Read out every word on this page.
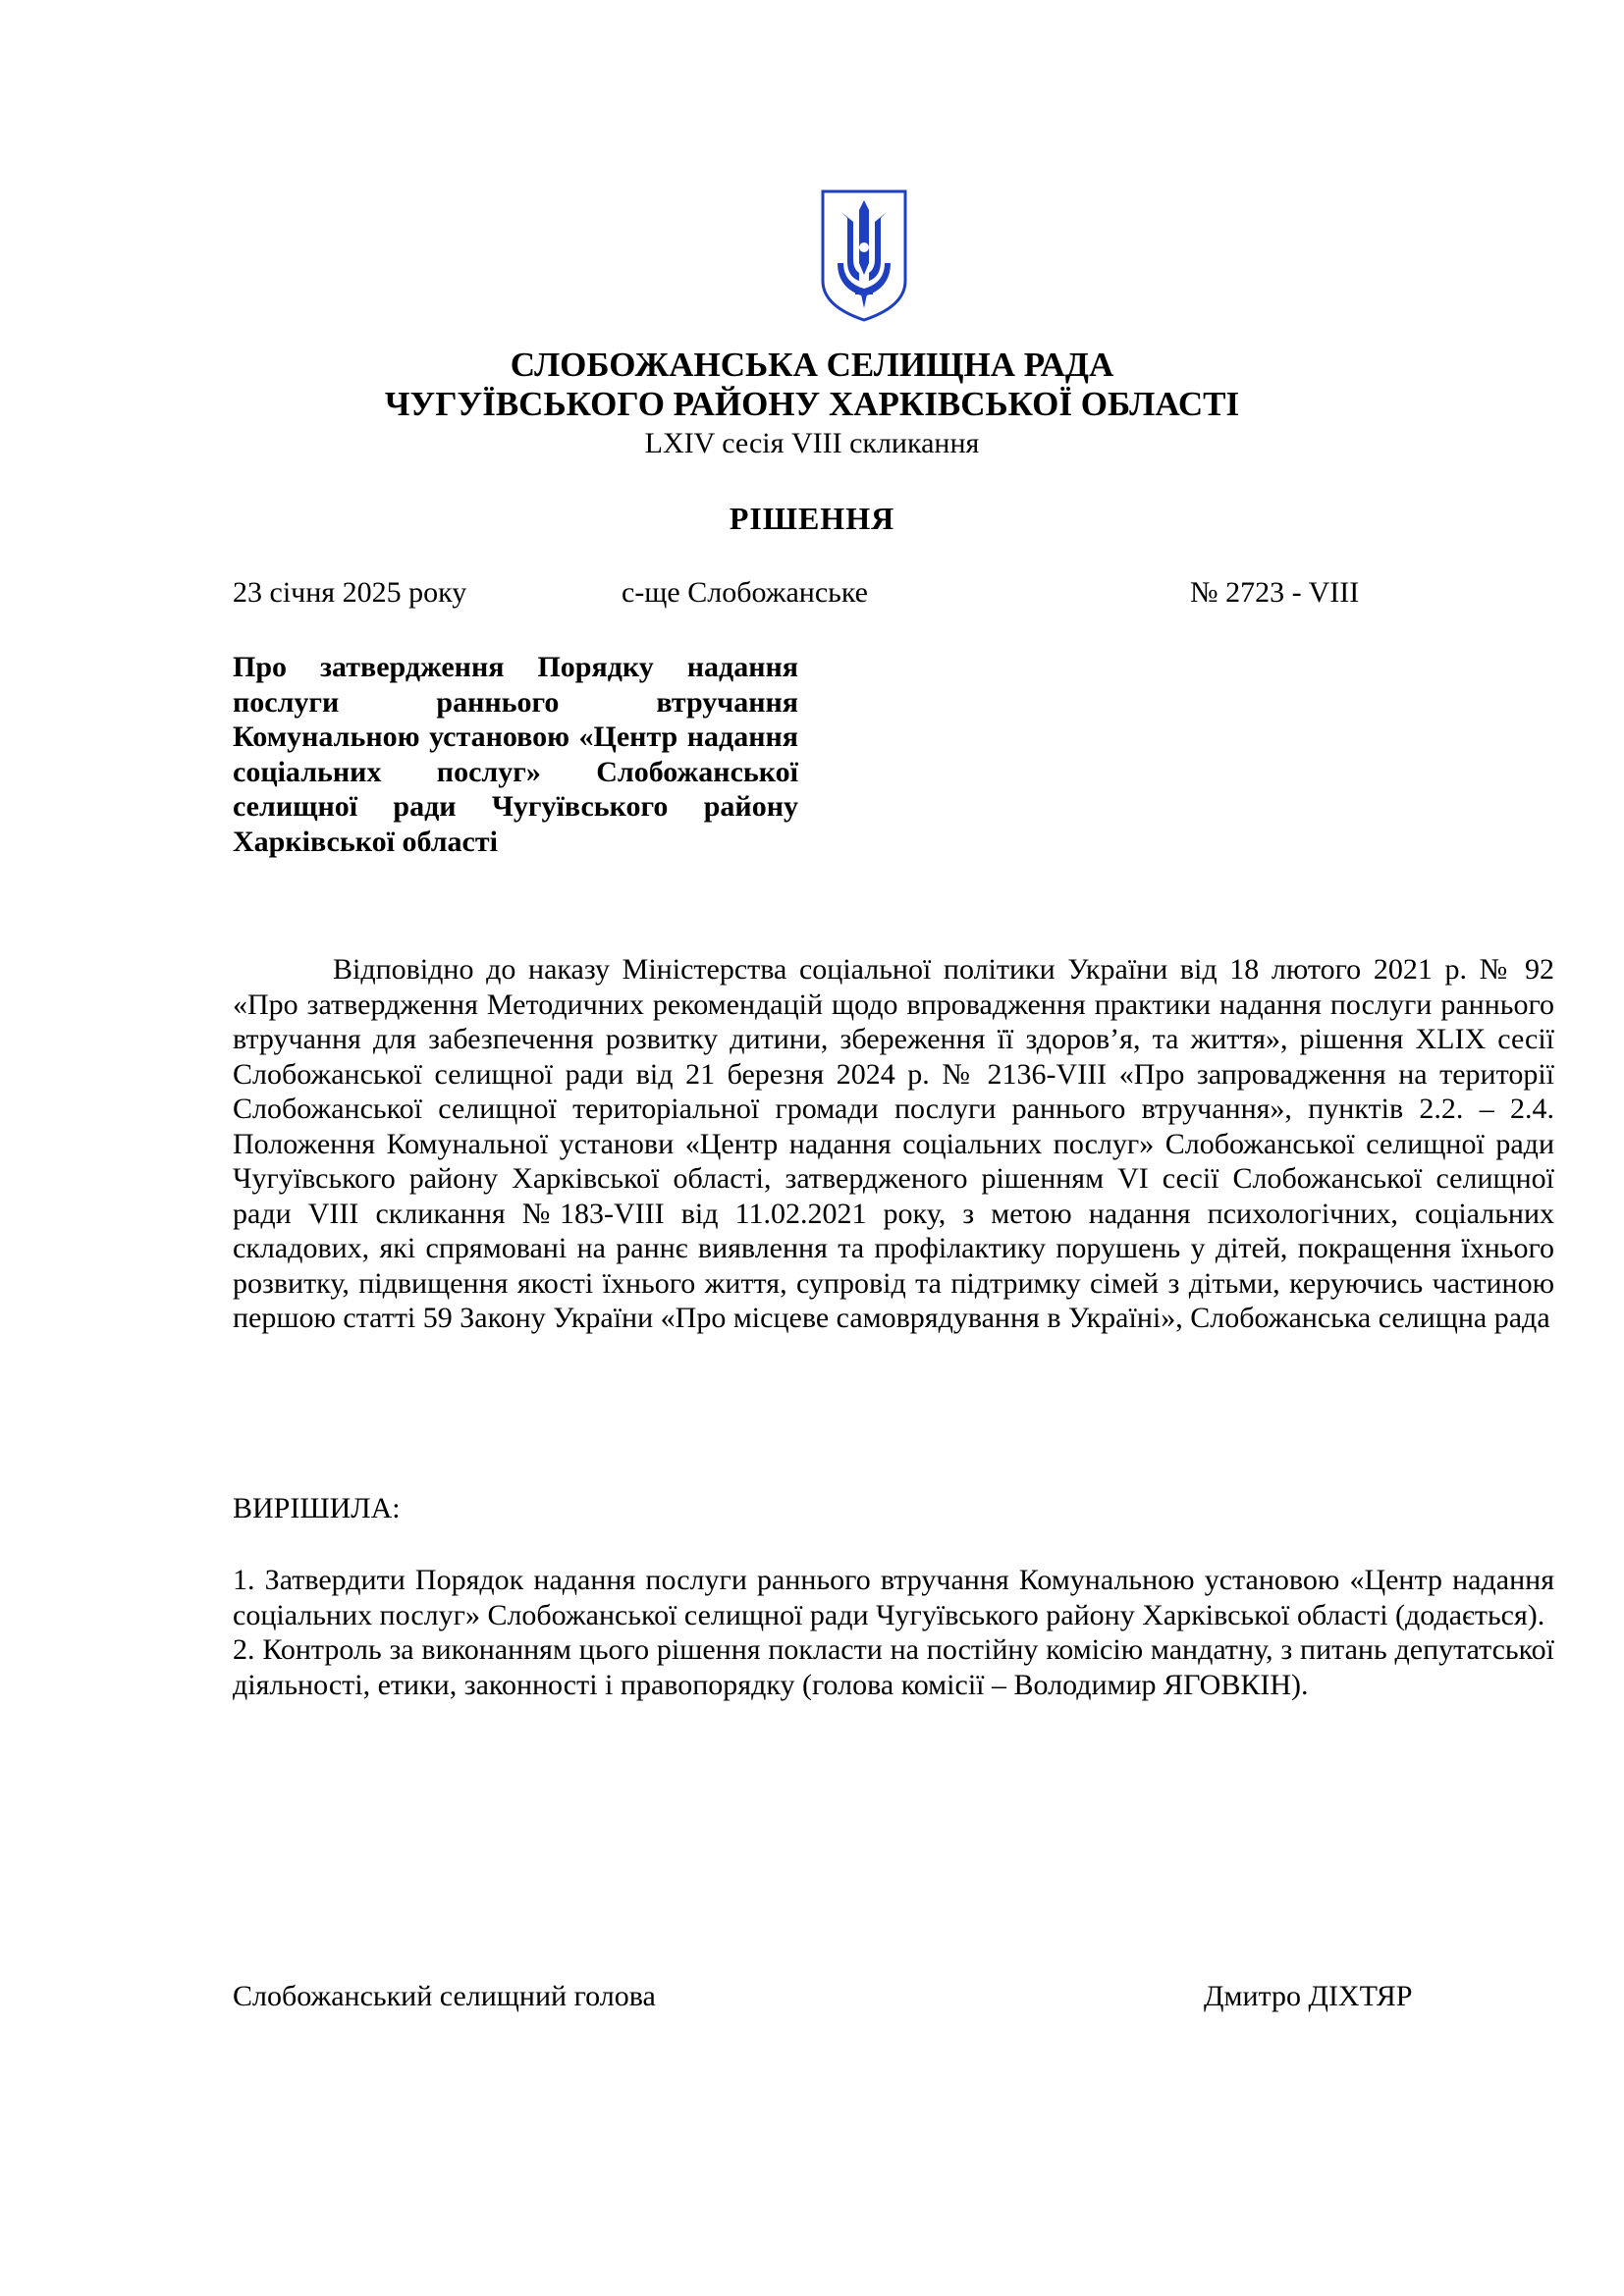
СЛОБОЖАНСЬКА СЕЛИЩНА РАДА
ЧУГУЇВСЬКОГО РАЙОНУ ХАРКІВСЬКОЇ ОБЛАСТІ
LXIV сесія VIII скликання
РІШЕННЯ
23 січня 2025 року	с-ще Слобожанське	№ 2723 - VIII
Про затвердження Порядку надання послуги раннього втручання Комунальною установою «Центр надання соціальних послуг» Слобожанської селищної ради Чугуївського району Харківської області
Відповідно до наказу Міністерства соціальної політики України від 18 лютого 2021 р. № 92 «Про затвердження Методичних рекомендацій щодо впровадження практики надання послуги раннього втручання для забезпечення розвитку дитини, збереження її здоров’я, та життя», рішення XLIX сесії Слобожанської селищної ради від 21 березня 2024 р. № 2136-VIII «Про запровадження на території Слобожанської селищної територіальної громади послуги раннього втручання», пунктів 2.2. – 2.4. Положення Комунальної установи «Центр надання соціальних послуг» Слобожанської селищної ради Чугуївського району Харківської області, затвердженого рішенням VI сесії Слобожанської селищної ради VIII скликання №183-VIII від 11.02.2021 року, з метою надання психологічних, соціальних складових, які спрямовані на раннє виявлення та профілактику порушень у дітей, покращення їхнього розвитку, підвищення якості їхнього життя, супровід та підтримку сімей з дітьми, керуючись частиною першою статті 59 Закону України «Про місцеве самоврядування в Україні», Слобожанська селищна рада
ВИРІШИЛА:

1. Затвердити Порядок надання послуги раннього втручання Комунальною установою «Центр надання соціальних послуг» Слобожанської селищної ради Чугуївського району Харківської області (додається).

2. Контроль за виконанням цього рішення покласти на постійну комісію мандатну, з питань депутатської діяльності, етики, законності і правопорядку (голова комісії – Володимир ЯГОВКІН).

Слобожанський селищний голова	Дмитро ДІХТЯР
